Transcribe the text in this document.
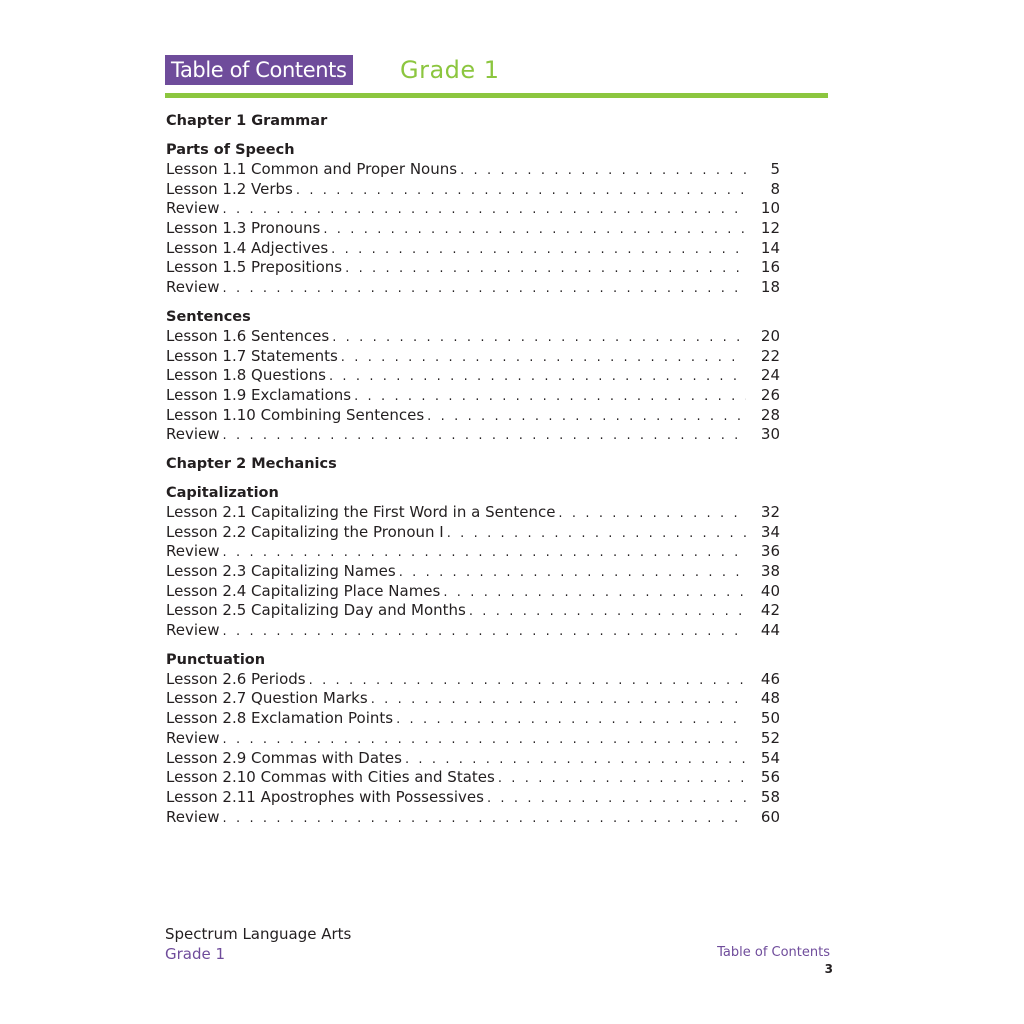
Table of Contents Grade 1
Chapter 1 Grammar
Parts of Speech
Lesson 1.1 Common and Proper Nouns . . .	5
Lesson 1.2 Verbs . . .	8
Review . . .	10
Lesson 1.3 Pronouns . . .	12
Lesson 1.4 Adjectives . . .	14
Lesson 1.5 Prepositions . . .	16
Review . . .	18
Sentences
Lesson 1.6 Sentences . . .	20
Lesson 1.7 Statements . . .	22
Lesson 1.8 Questions . . .	24
Lesson 1.9 Exclamations . . .	26
Lesson 1.10 Combining Sentences . . .	28
Review . . .	30
Chapter 2 Mechanics
Capitalization
Lesson 2.1 Capitalizing the First Word in a Sentence . . .	32
Lesson 2.2 Capitalizing the Pronoun I . . .	34
Review . . .	36
Lesson 2.3 Capitalizing Names . . .	38
Lesson 2.4 Capitalizing Place Names . . .	40
Lesson 2.5 Capitalizing Day and Months . . .	42
Review . . .	44
Punctuation
Lesson 2.6 Periods . . .	46
Lesson 2.7 Question Marks . . .	48
Lesson 2.8 Exclamation Points . . .	50
Review . . .	52
Lesson 2.9 Commas with Dates . . .	54
Lesson 2.10 Commas with Cities and States . . .	56
Lesson 2.11 Apostrophes with Possessives . . .	58
Review . . .	60
Spectrum Language Arts
Grade 1	Table of Contents
3
